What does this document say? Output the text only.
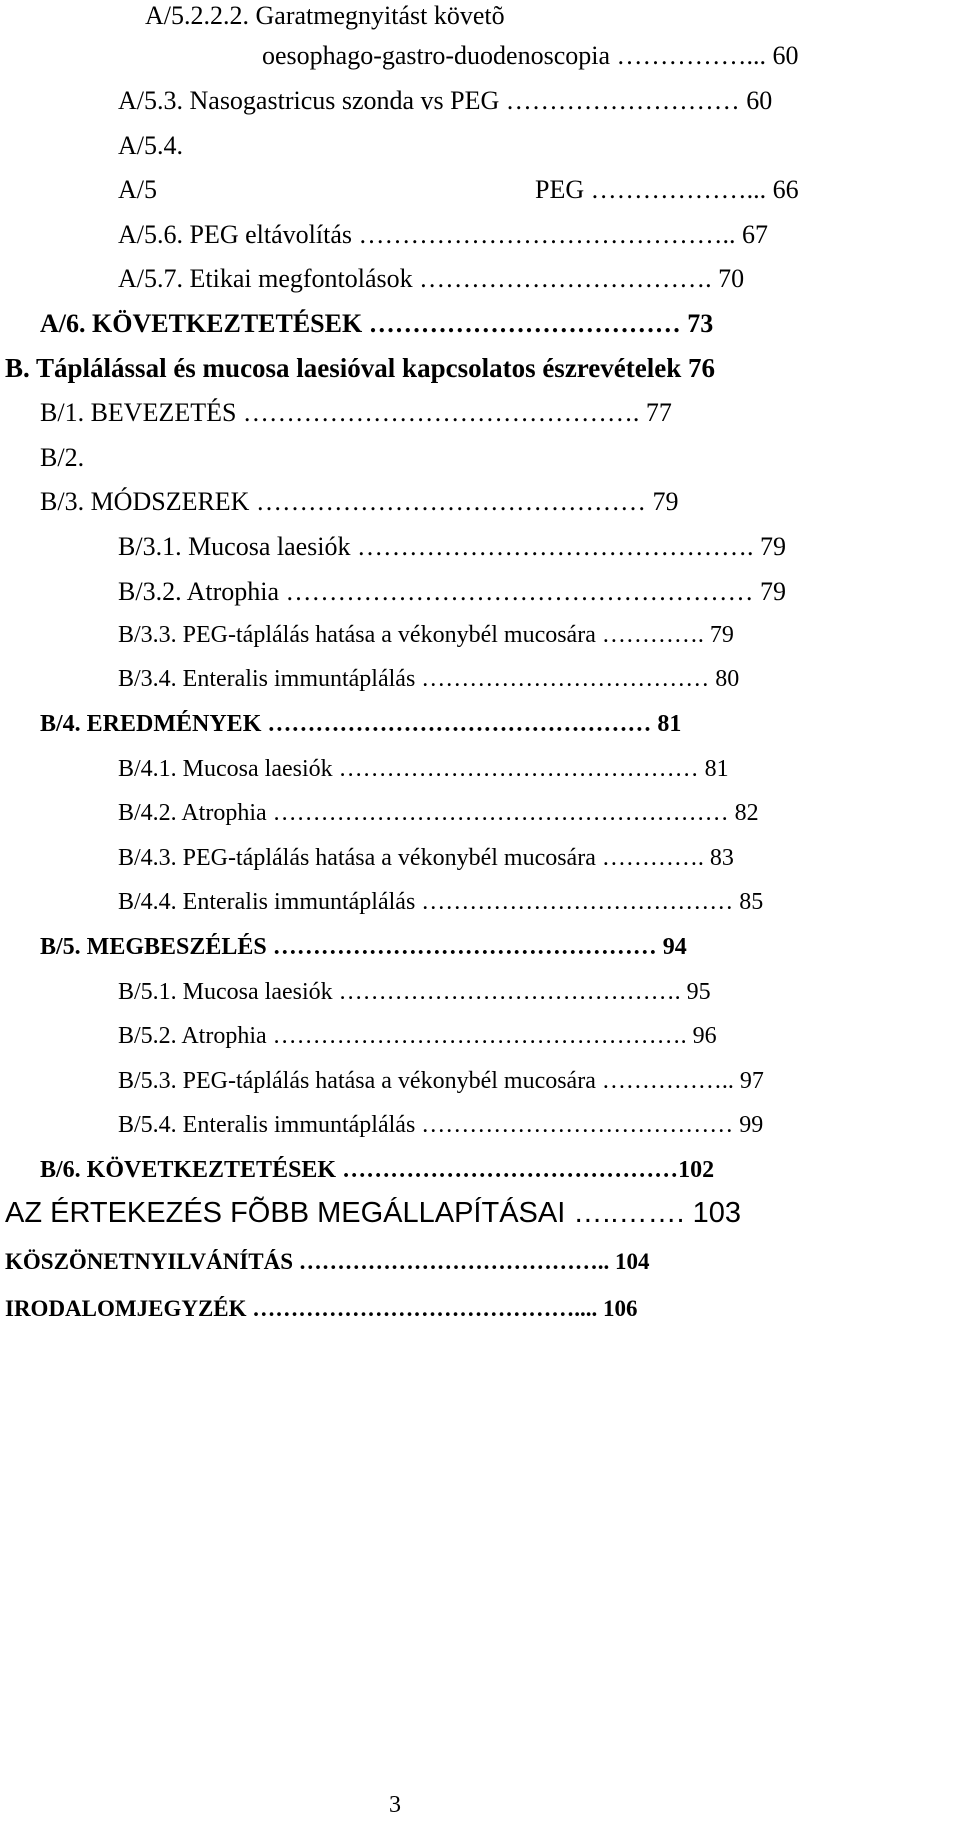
A/5.2.2.2. Garatmegnyitást követõ
oesophago-gastro-duodenoscopia ……………... 60
A/5.3. Nasogastricus szonda vs PEG ……………………… 60
A/5.4.
A/5	PEG ………………... 66
A/5.6. PEG eltávolítás …………………………………….. 67
A/5.7. Etikai megfontolások ……………………………. 70
A/6. KÖVETKEZTETÉSEK ……………………………… 73
B. Táplálással és mucosa laesióval kapcsolatos észrevételek 76
B/1. BEVEZETÉS ………………………………………. 77
B/2.
B/3. MÓDSZEREK ……………………………………… 79
B/3.1. Mucosa laesiók ………………………………………. 79
B/3.2. Atrophia ……………………………………………… 79
B/3.3. PEG-táplálás hatása a vékonybél mucosára …………. 79
B/3.4. Enteralis immuntáplálás ……………………………… 80
B/4. EREDMÉNYEK ………………………………………… 81
B/4.1. Mucosa laesiók ……………………………………… 81
B/4.2. Atrophia ………………………………………………… 82
B/4.3. PEG-táplálás hatása a vékonybél mucosára …………. 83
B/4.4. Enteralis immuntáplálás ………………………………… 85
B/5. MEGBESZÉLÉS ………………………………………… 94
B/5.1. Mucosa laesiók ……………………………………. 95
B/5.2. Atrophia ……………………………………………. 96
B/5.3. PEG-táplálás hatása a vékonybél mucosára …………….. 97
B/5.4. Enteralis immuntáplálás ………………………………… 99
B/6. KÖVETKEZTETÉSEK ……………………………………102
AZ ÉRTEKEZÉS FÕBB MEGÁLLAPÍTÁSAI …..……. 103
KÖSZÖNETNYILVÁNÍTÁS ………………………………….. 104
IRODALOMJEGYZÉK …………………………………….... 106
3
